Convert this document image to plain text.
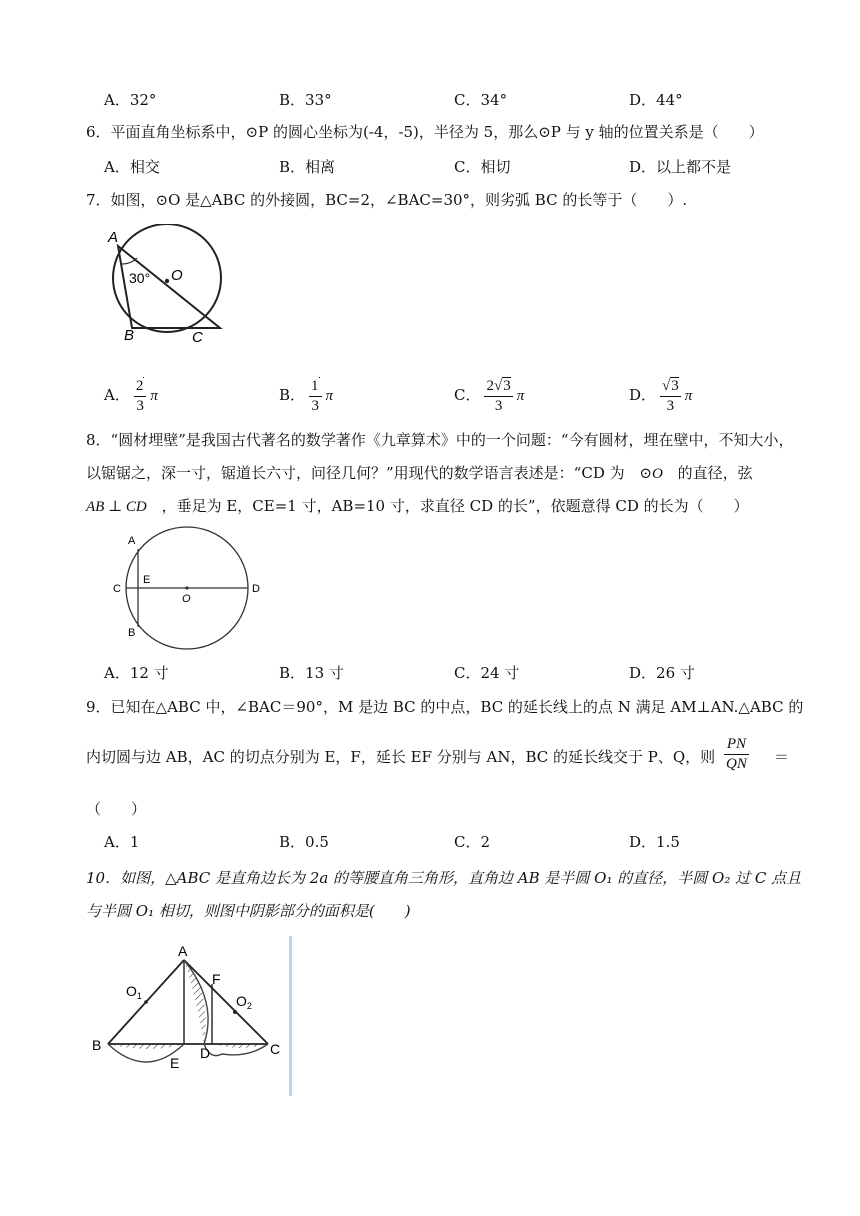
A．32°	B．33°	C．34°	D．44°
6．平面直角坐标系中，⊙P 的圆心坐标为(-4，-5)，半径为 5，那么⊙P 与 y 轴的位置关系是（　　）
A．相交	B．相离	C．相切	D．以上都不是
7．如图，⊙O 是△ABC 的外接圆，BC=2，∠BAC=30°，则劣弧 BC 的长等于（　　）.
A
B	C
O
30°
A． $\frac{2}{3}$ π	B． $\frac{1}{3}$ π	C． $\frac{2√3}{3}$ π	D． $\frac{√3}{3}$ π
8．“圆材埋壁”是我国古代著名的数学著作《九章算术》中的一个问题：“今有圆材，埋在壁中，不知大小，
以锯锯之，深一寸，锯道长六寸，问径几何？”用现代的数学语言表述是：“CD 为 ⊙O 的直径，弦
AB ⊥ CD ，垂足为 E，CE=1 寸，AB=10 寸，求直径 CD 的长”，依题意得 CD 的长为（　　）
A
B
C	D
E
O
A．12 寸	B．13 寸	C．24 寸	D．26 寸
9．已知在△ABC 中，∠BAC＝90°，M 是边 BC 的中点，BC 的延长线上的点 N 满足 AM⊥AN.△ABC 的
内切圆与边 AB，AC 的切点分别为 E，F，延长 EF 分别与 AN，BC 的延长线交于 P、Q，则 $\frac{PN}{QN}$ ＝
（　　）
A．1	B．0.5	C．2	D．1.5
10．如图，△ABC 是直角边长为 2a 的等腰直角三角形，直角边 AB 是半圆 O₁ 的直径，半圆 O₂ 过 C 点且
与半圆 O₁ 相切，则图中阴影部分的面积是(　　)
A
B	C
D
E
F
$O_1$	$O_2$
